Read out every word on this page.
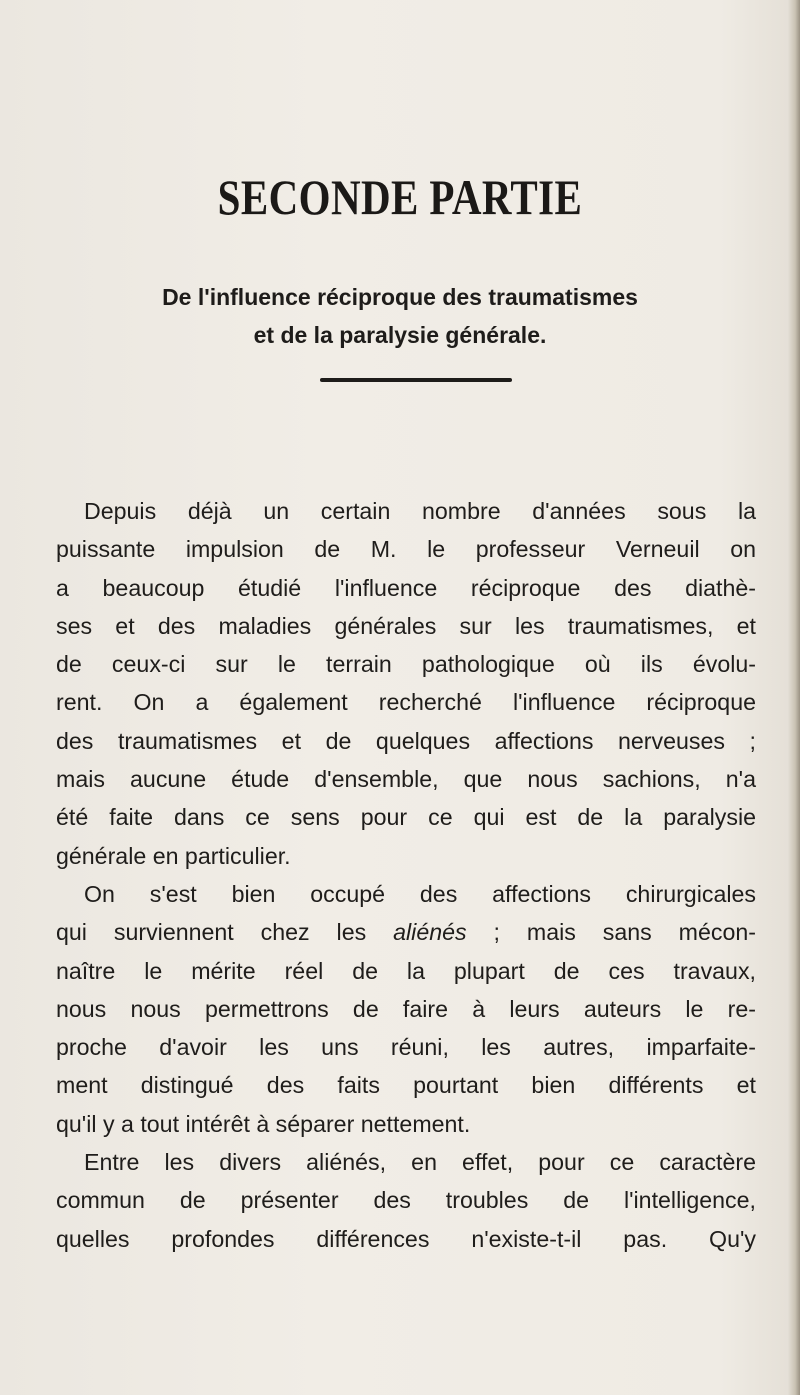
SECONDE PARTIE
De l'influence réciproque des traumatismes
et de la paralysie générale.
Depuis déjà un certain nombre d'années sous la
puissante impulsion de M. le professeur Verneuil on
a beaucoup étudié l'influence réciproque des diathè-
ses et des maladies générales sur les traumatismes, et
de ceux-ci sur le terrain pathologique où ils évolu-
rent. On a également recherché l'influence réciproque
des traumatismes et de quelques affections nerveuses ;
mais aucune étude d'ensemble, que nous sachions, n'a
été faite dans ce sens pour ce qui est de la paralysie
générale en particulier.
On s'est bien occupé des affections chirurgicales
qui surviennent chez les aliénés ; mais sans mécon-
naître le mérite réel de la plupart de ces travaux,
nous nous permettrons de faire à leurs auteurs le re-
proche d'avoir les uns réuni, les autres, imparfaite-
ment distingué des faits pourtant bien différents et
qu'il y a tout intérêt à séparer nettement.
Entre les divers aliénés, en effet, pour ce caractère
commun de présenter des troubles de l'intelligence,
quelles profondes différences n'existe-t-il pas. Qu'y
